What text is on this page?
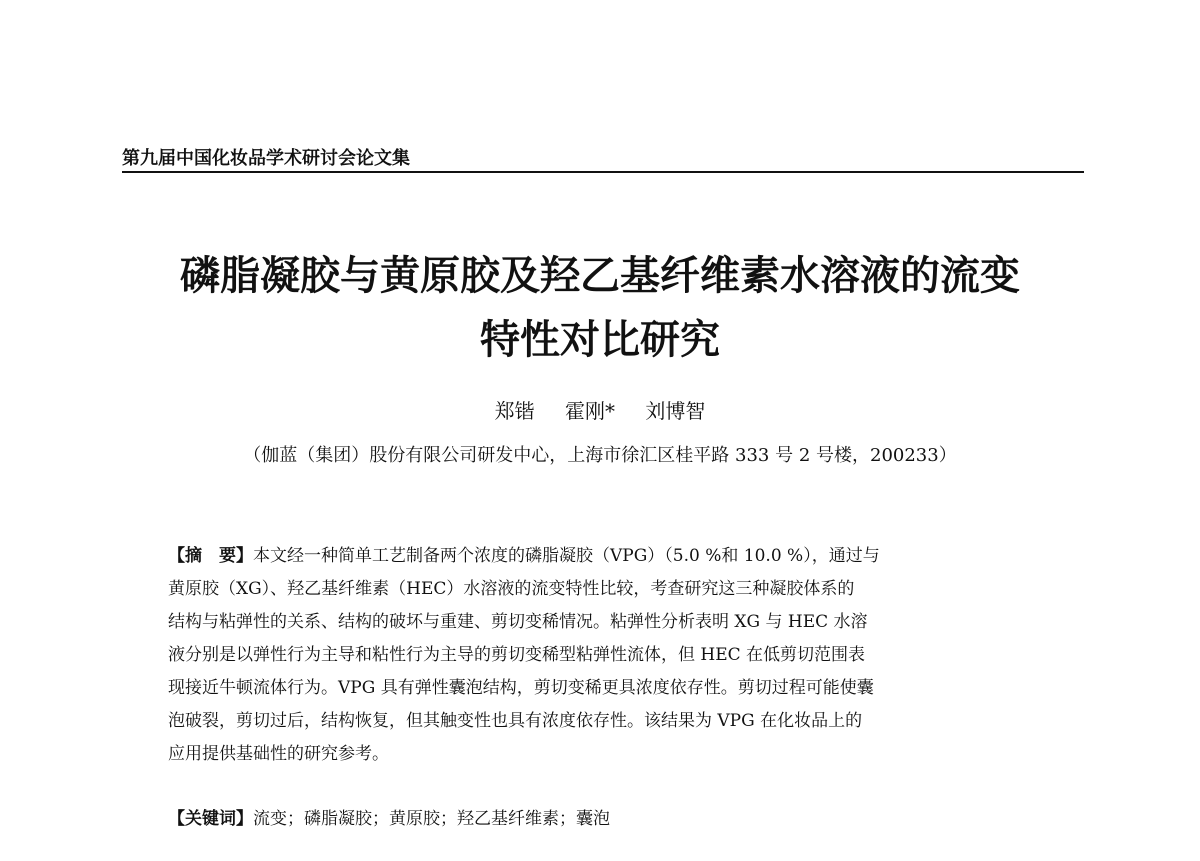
第九届中国化妆品学术研讨会论文集
磷脂凝胶与黄原胶及羟乙基纤维素水溶液的流变
特性对比研究
郑锴 霍刚* 刘博智
（伽蓝（集团）股份有限公司研发中心，上海市徐汇区桂平路 333 号 2 号楼，200233）
【摘　要】本文经一种简单工艺制备两个浓度的磷脂凝胶（VPG）（5.0 %和 10.0 %），通过与
黄原胶（XG）、羟乙基纤维素（HEC）水溶液的流变特性比较，考查研究这三种凝胶体系的
结构与粘弹性的关系、结构的破坏与重建、剪切变稀情况。粘弹性分析表明 XG 与 HEC 水溶
液分别是以弹性行为主导和粘性行为主导的剪切变稀型粘弹性流体，但 HEC 在低剪切范围表
现接近牛顿流体行为。VPG 具有弹性囊泡结构，剪切变稀更具浓度依存性。剪切过程可能使囊
泡破裂，剪切过后，结构恢复，但其触变性也具有浓度依存性。该结果为 VPG 在化妆品上的
应用提供基础性的研究参考。
【关键词】流变；磷脂凝胶；黄原胶；羟乙基纤维素；囊泡
